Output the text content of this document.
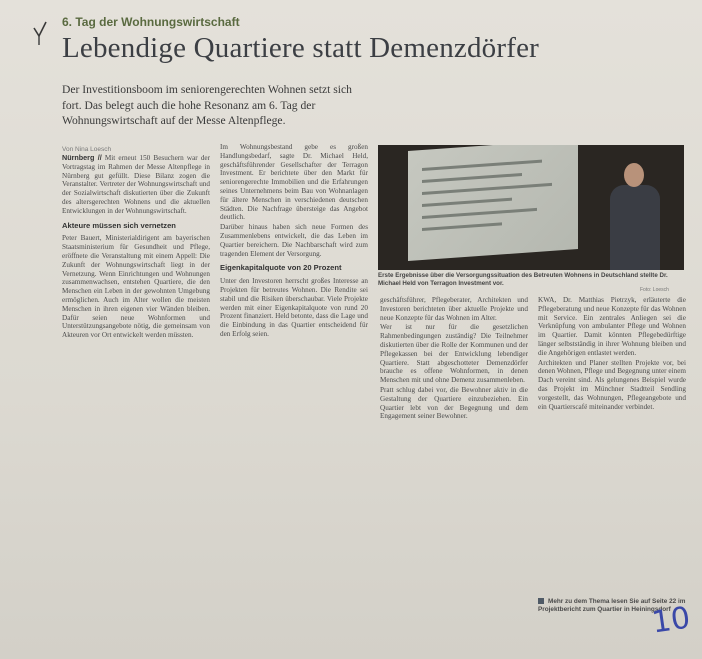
6. Tag der Wohnungswirtschaft
Lebendige Quartiere statt Demenzdörfer
Der Investitionsboom im seniorengerechten Wohnen setzt sich fort. Das belegt auch die hohe Resonanz am 6. Tag der Wohnungswirtschaft auf der Messe Altenpflege.
Von Nina Loesch

Nürnberg // Mit erneut 150 Besuchern war der Vortragstag im Rahmen der Messe Altenpflege in Nürnberg gut gefüllt. Diese Bilanz zogen die Veranstalter. Vertreter der Wohnungswirtschaft und der Sozialwirtschaft diskutierten über die Zukunft des altersgerechten Wohnens und die aktuellen Entwicklungen in der Wohnungswirtschaft.

Akteure müssen sich vernetzen

Peter Bauert, Ministerialdirigent am bayerischen Staatsministerium für Gesundheit und Pflege, eröffnete die Veranstaltung mit einem Appell: Die Zukunft der Wohnungswirtschaft liegt in der Vernetzung. Wenn Einrichtungen und Wohnungen zusammenwachsen, entstehen Quartiere, die den Menschen ein Leben in der gewohnten Umgebung ermöglichen. Auch im Alter wollen die meisten Menschen in ihren eigenen vier Wänden bleiben. Dafür seien neue Wohnformen und Unterstützungsangebote nötig, die gemeinsam von Akteuren vor Ort entwickelt werden müssten.

Im Wohnungsbestand gebe es großen Handlungsbedarf, sagte Dr. Michael Held, geschäftsführender Gesellschafter der Terragon Investment. Er berichtete über den Markt für seniorengerechte Immobilien und die Erfahrungen seines Unternehmens beim Bau von Wohnanlagen für ältere Menschen in verschiedenen deutschen Städten. Die Nachfrage übersteige das Angebot deutlich.

Darüber hinaus haben sich neue Formen des Zusammenlebens entwickelt, die das Leben im Quartier bereichern. Die Nachbarschaft wird zum tragenden Element der Versorgung.

Eigenkapitalquote von 20 Prozent

Unter den Investoren herrscht großes Interesse an Projekten für betreutes Wohnen. Die Rendite sei stabil und die Risiken überschaubar. Viele Projekte werden mit einer Eigenkapitalquote von rund 20 Prozent finanziert. Held betonte, dass die Lage und die Einbindung in das Quartier entscheidend für den Erfolg seien.

Erste Ergebnisse über die Versorgungssituation des Betreuten Wohnens in Deutschland stellte Dr. Michael Held von Terragon Investment vor.
Foto: Loesch

geschäftsführer, Pflegeberater, Architekten und Investoren berichteten über aktuelle Projekte und neue Konzepte für das Wohnen im Alter.

Wer ist nur für die gesetzlichen Rahmenbedingungen zuständig? Die Teilnehmer diskutierten über die Rolle der Kommunen und der Pflegekassen bei der Entwicklung lebendiger Quartiere. Statt abgeschotteter Demenzdörfer brauche es offene Wohnformen, in denen Menschen mit und ohne Demenz zusammenleben.

Pratt schlug dabei vor, die Bewohner aktiv in die Gestaltung der Quartiere einzubeziehen. Ein Quartier lebt von der Begegnung und dem Engagement seiner Bewohner.

KWA, Dr. Matthias Pietrzyk, erläuterte die Pflegeberatung und neue Konzepte für das Wohnen mit Service. Ein zentrales Anliegen sei die Verknüpfung von ambulanter Pflege und Wohnen im Quartier. Damit könnten Pflegebedürftige länger selbstständig in ihrer Wohnung bleiben und die Angehörigen entlastet werden.

Architekten und Planer stellten Projekte vor, bei denen Wohnen, Pflege und Begegnung unter einem Dach vereint sind. Als gelungenes Beispiel wurde das Projekt im Münchner Stadtteil Sendling vorgestellt, das Wohnungen, Pflegeangebote und ein Quartierscafé miteinander verbindet.

Mehr zu dem Thema lesen Sie auf Seite 22 im Projektbericht zum Quartier in Heiningsdorf
10
